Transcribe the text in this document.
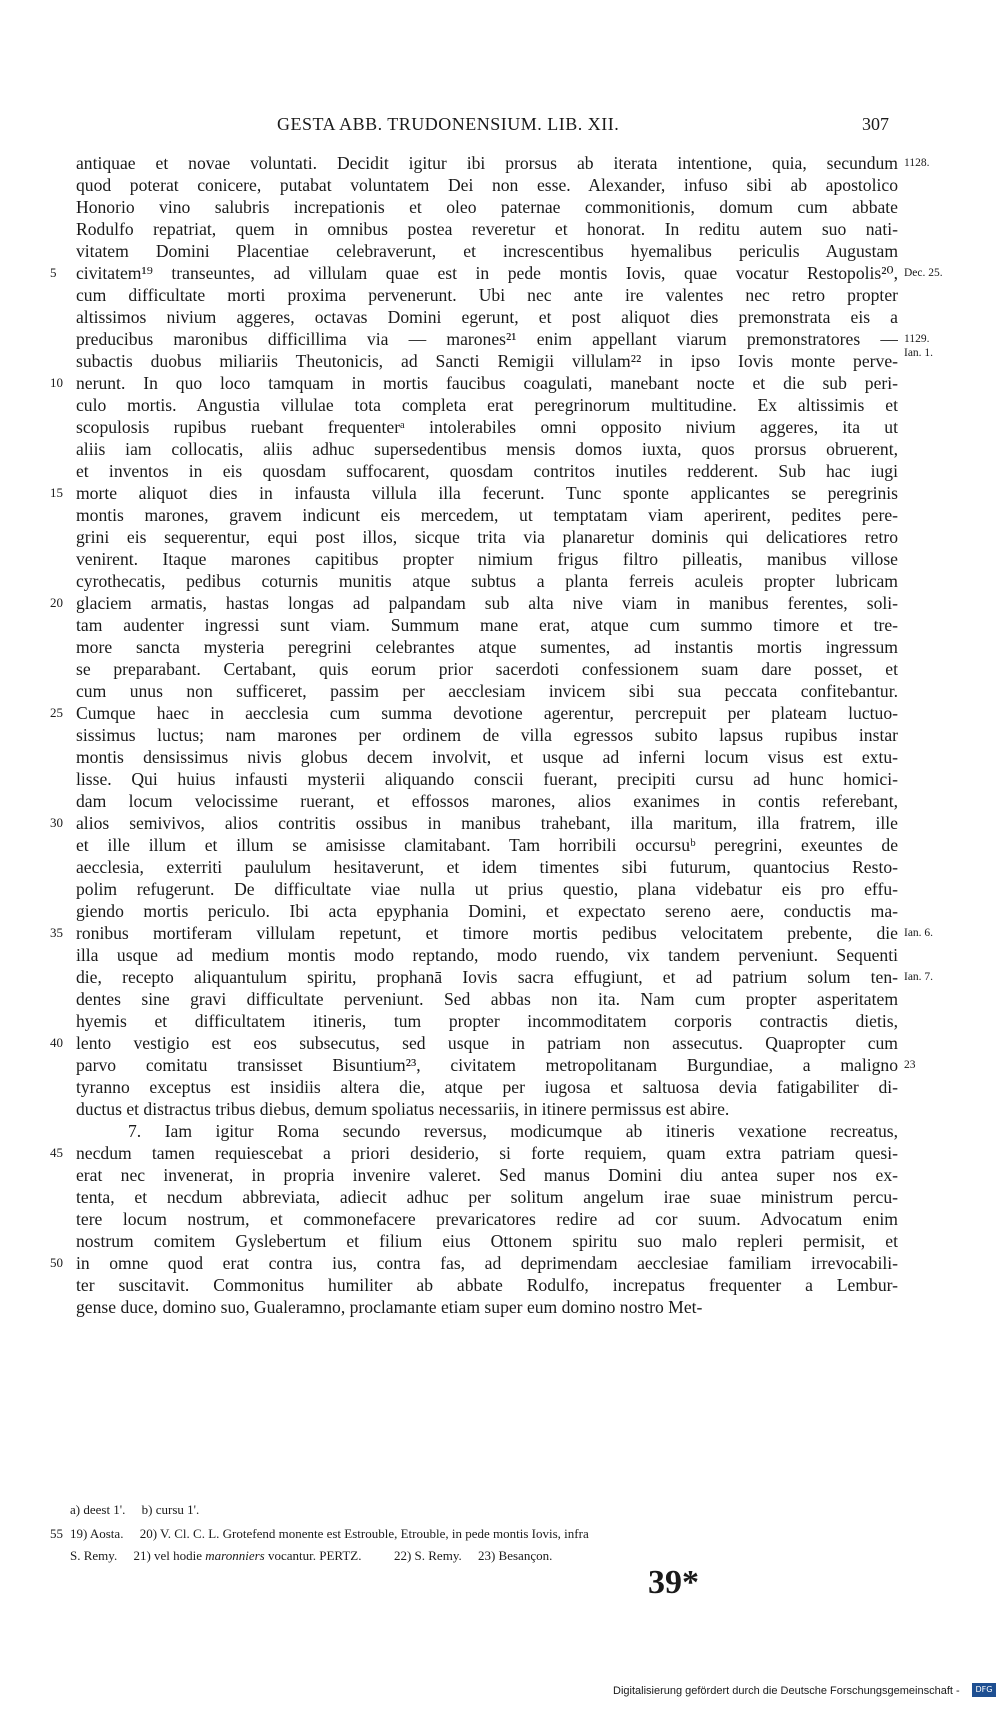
GESTA ABB. TRUDONENSIUM. LIB. XII.	307
antiquae et novae voluntati. Decidit igitur ibi prorsus ab iterata intentione, quia, secundum
quod poterat conicere, putabat voluntatem Dei non esse. Alexander, infuso sibi ab apostolico
Honorio vino salubris increpationis et oleo paternae commonitionis, domum cum abbate
Rodulfo repatriat, quem in omnibus postea reveretur et honorat. In reditu autem suo nati-
vitatem Domini Placentiae celebraverunt, et increscentibus hyemalibus periculis Augustam
civitatem¹⁹ transeuntes, ad villulam quae est in pede montis Iovis, quae vocatur Restopolis²⁰,
cum difficultate morti proxima pervenerunt. Ubi nec ante ire valentes nec retro propter
altissimos nivium aggeres, octavas Domini egerunt, et post aliquot dies premonstrata eis a
preducibus maronibus difficillima via — marones²¹ enim appellant viarum premonstratores —
subactis duobus miliariis Theutonicis, ad Sancti Remigii villulam²² in ipso Iovis monte perve-
nerunt. In quo loco tamquam in mortis faucibus coagulati, manebant nocte et die sub peri-
culo mortis. Angustia villulae tota completa erat peregrinorum multitudine. Ex altissimis et
scopulosis rupibus ruebant frequenterᵃ intolerabiles omni opposito nivium aggeres, ita ut
aliis iam collocatis, aliis adhuc supersedentibus mensis domos iuxta, quos prorsus obruerent,
et inventos in eis quosdam suffocarent, quosdam contritos inutiles redderent. Sub hac iugi
morte aliquot dies in infausta villula illa fecerunt. Tunc sponte applicantes se peregrinis
montis marones, gravem indicunt eis mercedem, ut temptatam viam aperirent, pedites pere-
grini eis sequerentur, equi post illos, sicque trita via planaretur dominis qui delicatiores retro
venirent. Itaque marones capitibus propter nimium frigus filtro pilleatis, manibus villose
cyrothecatis, pedibus coturnis munitis atque subtus a planta ferreis aculeis propter lubricam
glaciem armatis, hastas longas ad palpandam sub alta nive viam in manibus ferentes, soli-
tam audenter ingressi sunt viam. Summum mane erat, atque cum summo timore et tre-
more sancta mysteria peregrini celebrantes atque sumentes, ad instantis mortis ingressum
se preparabant. Certabant, quis eorum prior sacerdoti confessionem suam dare posset, et
cum unus non sufficeret, passim per aecclesiam invicem sibi sua peccata confitebantur.
Cumque haec in aecclesia cum summa devotione agerentur, percrepuit per plateam luctuo-
sissimus luctus; nam marones per ordinem de villa egressos subito lapsus rupibus instar
montis densissimus nivis globus decem involvit, et usque ad inferni locum visus est extu-
lisse. Qui huius infausti mysterii aliquando conscii fuerant, precipiti cursu ad hunc homici-
dam locum velocissime ruerant, et effossos marones, alios exanimes in contis referebant,
alios semivivos, alios contritis ossibus in manibus trahebant, illa maritum, illa fratrem, ille
et ille illum et illum se amisisse clamitabant. Tam horribili occursuᵇ peregrini, exeuntes de
aecclesia, exterriti paululum hesitaverunt, et idem timentes sibi futurum, quantocius Resto-
polim refugerunt. De difficultate viae nulla ut prius questio, plana videbatur eis pro effu-
giendo mortis periculo. Ibi acta epyphania Domini, et expectato sereno aere, conductis ma-
ronibus mortiferam villulam repetunt, et timore mortis pedibus velocitatem prebente, die
illa usque ad medium montis modo reptando, modo ruendo, vix tandem perveniunt. Sequenti
die, recepto aliquantulum spiritu, prophanā Iovis sacra effugiunt, et ad patrium solum ten-
dentes sine gravi difficultate perveniunt. Sed abbas non ita. Nam cum propter asperitatem
hyemis et difficultatem itineris, tum propter incommoditatem corporis contractis dietis,
lento vestigio est eos subsecutus, sed usque in patriam non assecutus. Quapropter cum
parvo comitatu transisset Bisuntium²³, civitatem metropolitanam Burgundiae, a maligno
tyranno exceptus est insidiis altera die, atque per iugosa et saltuosa devia fatigabiliter di-
ductus et distractus tribus diebus, demum spoliatus necessariis, in itinere permissus est abire.
7. Iam igitur Roma secundo reversus, modicumque ab itineris vexatione recreatus,
necdum tamen requiescebat a priori desiderio, si forte requiem, quam extra patriam quesi-
erat nec invenerat, in propria invenire valeret. Sed manus Domini diu antea super nos ex-
tenta, et necdum abbreviata, adiecit adhuc per solitum angelum irae suae ministrum percu-
tere locum nostrum, et commonefacere prevaricatores redire ad cor suum. Advocatum enim
nostrum comitem Gyslebertum et filium eius Ottonem spiritu suo malo repleri permisit, et
in omne quod erat contra ius, contra fas, ad deprimendam aecclesiae familiam irrevocabili-
ter suscitavit. Commonitus humiliter ab abbate Rodulfo, increpatus frequenter a Lembur-
gense duce, domino suo, Gualeramno, proclamante etiam super eum domino nostro Met-
5
10
15
20
25
30
35
40
45
50
1128.
Dec. 25.
1129.
Ian. 1.
Ian. 6.
Ian. 7.
23
a) deest 1'.     b) cursu 1'.
55 19) Aosta.     20) V. Cl. C. L. Grotefend monente est Estrouble, Etrouble, in pede montis Iovis, infra
S. Remy.     21) vel hodie maronniers vocantur. PERTZ.          22) S. Remy.     23) Besançon.
39*
Digitalisierung gefördert durch die Deutsche Forschungsgemeinschaft -	DFG
